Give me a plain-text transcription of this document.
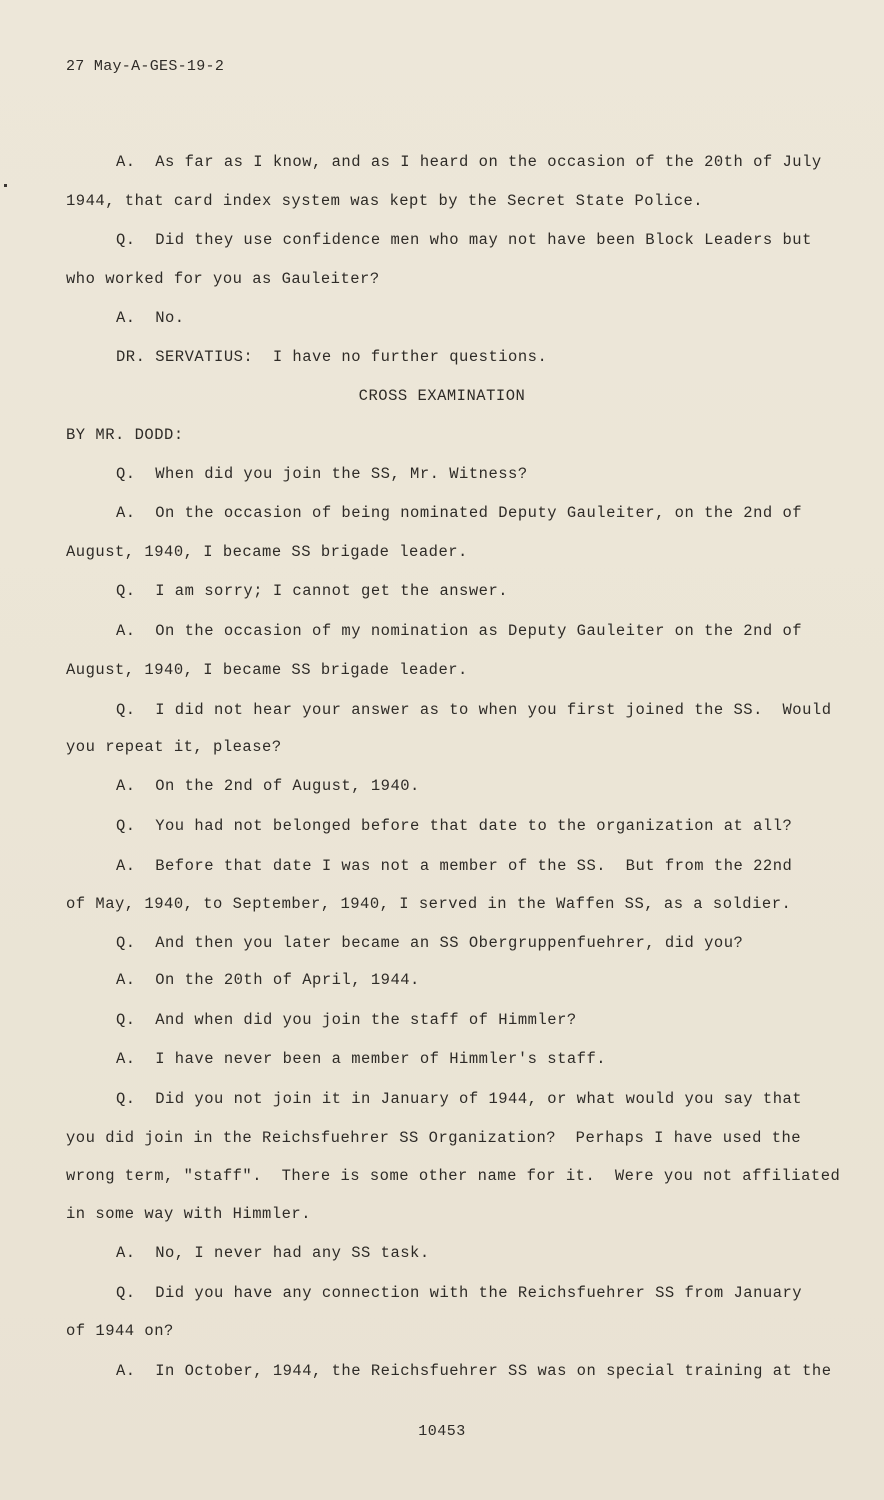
27 May-A-GES-19-2
A.  As far as I know, and as I heard on the occasion of the 20th of July
1944, that card index system was kept by the Secret State Police.
Q.  Did they use confidence men who may not have been Block Leaders but
who worked for you as Gauleiter?
A.  No.
DR. SERVATIUS:  I have no further questions.
CROSS EXAMINATION
BY MR. DODD:
Q.  When did you join the SS, Mr. Witness?
A.  On the occasion of being nominated Deputy Gauleiter, on the 2nd of
August, 1940, I became SS brigade leader.
Q.  I am sorry; I cannot get the answer.
A.  On the occasion of my nomination as Deputy Gauleiter on the 2nd of
August, 1940, I became SS brigade leader.
Q.  I did not hear your answer as to when you first joined the SS.  Would
you repeat it, please?
A.  On the 2nd of August, 1940.
Q.  You had not belonged before that date to the organization at all?
A.  Before that date I was not a member of the SS.  But from the 22nd
of May, 1940, to September, 1940, I served in the Waffen SS, as a soldier.
Q.  And then you later became an SS Obergruppenfuehrer, did you?
A.  On the 20th of April, 1944.
Q.  And when did you join the staff of Himmler?
A.  I have never been a member of Himmler's staff.
Q.  Did you not join it in January of 1944, or what would you say that
you did join in the Reichsfuehrer SS Organization?  Perhaps I have used the
wrong term, "staff".  There is some other name for it.  Were you not affiliated
in some way with Himmler.
A.  No, I never had any SS task.
Q.  Did you have any connection with the Reichsfuehrer SS from January
of 1944 on?
A.  In October, 1944, the Reichsfuehrer SS was on special training at the
10453
